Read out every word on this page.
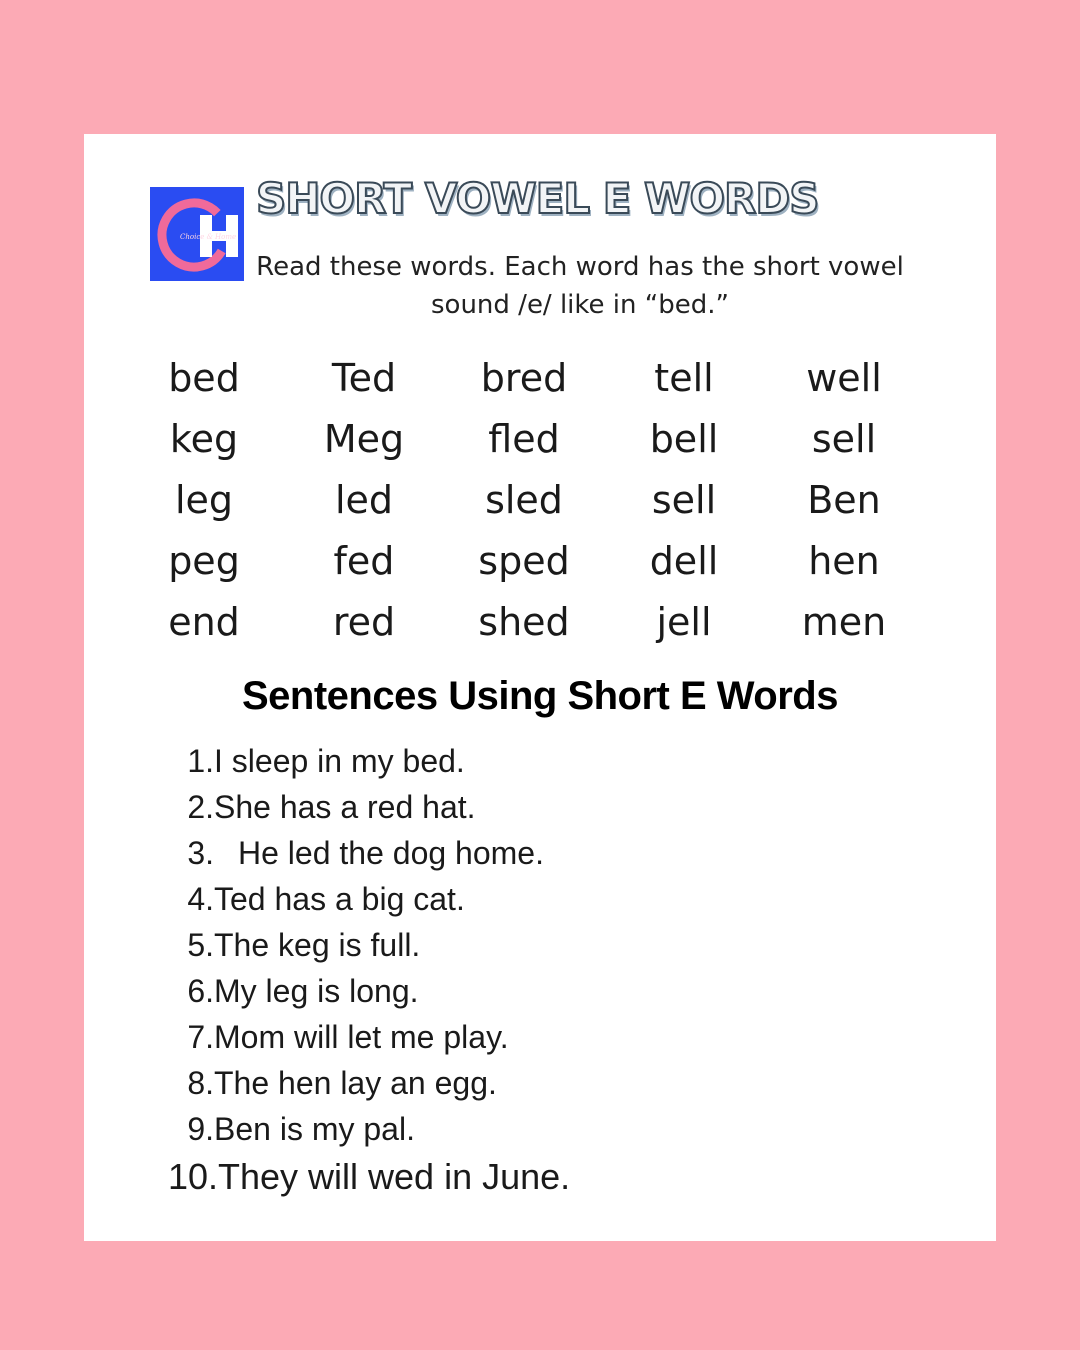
Choice & Home
SHORT VOWEL E WORDS
Read these words. Each word has the short vowel sound /e/ like in “bed.”
bed	Ted	bred	tell	well
keg	Meg	fled	bell	sell
leg	led	sled	sell	Ben
peg	fed	sped	dell	hen
end	red	shed	jell	men
Sentences Using Short E Words
1. I sleep in my bed.
2. She has a red hat.
3. He led the dog home.
4. Ted has a big cat.
5. The keg is full.
6. My leg is long.
7. Mom will let me play.
8. The hen lay an egg.
9. Ben is my pal.
10. They will wed in June.
